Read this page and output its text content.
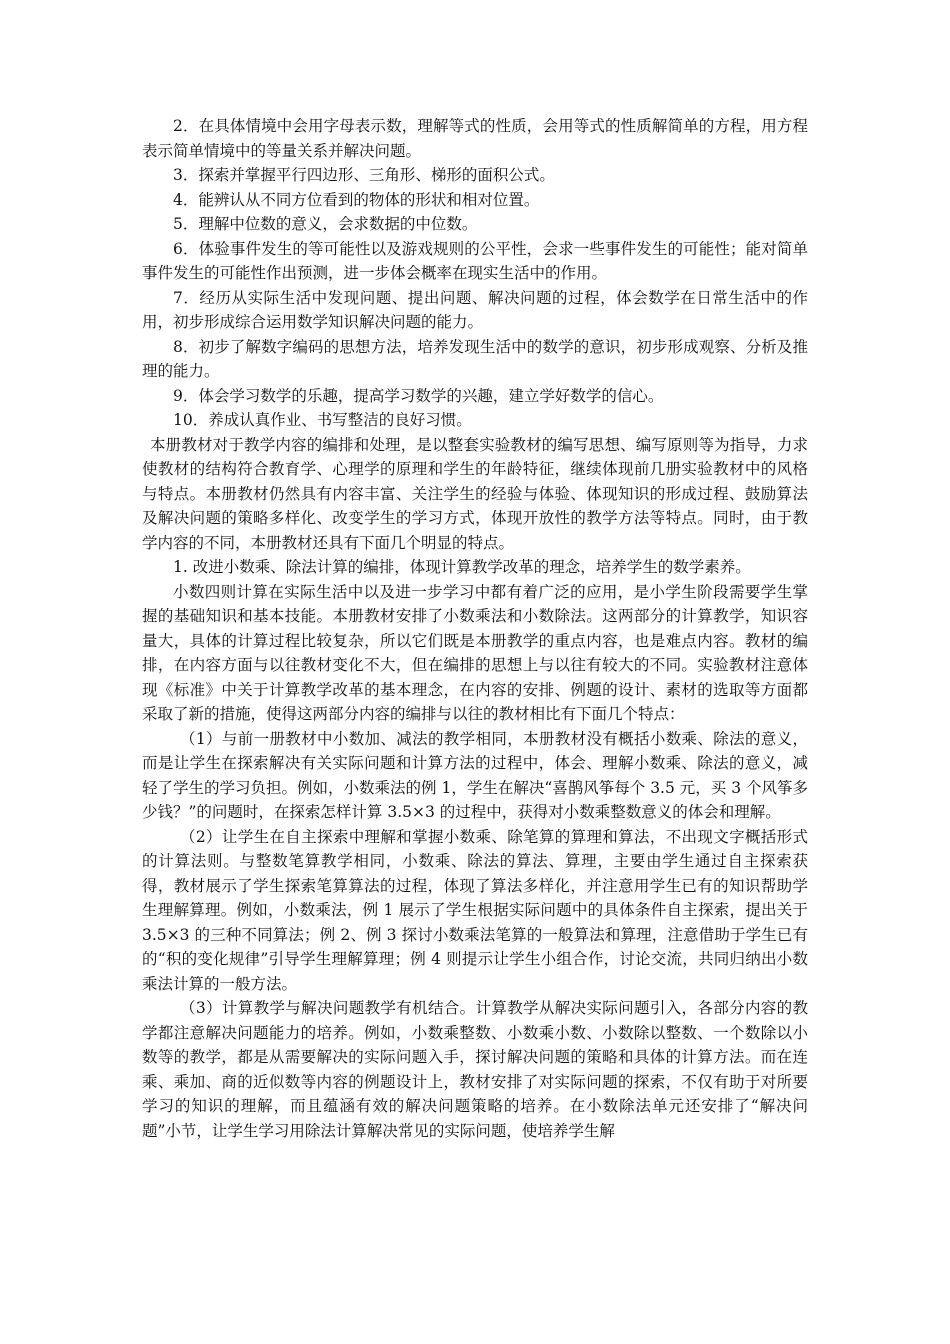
2．在具体情境中会用字母表示数，理解等式的性质，会用等式的性质解简单的方程，用方程表示简单情境中的等量关系并解决问题。

3．探索并掌握平行四边形、三角形、梯形的面积公式。

4．能辨认从不同方位看到的物体的形状和相对位置。

5．理解中位数的意义，会求数据的中位数。

6．体验事件发生的等可能性以及游戏规则的公平性，会求一些事件发生的可能性；能对简单事件发生的可能性作出预测，进一步体会概率在现实生活中的作用。

7．经历从实际生活中发现问题、提出问题、解决问题的过程，体会数学在日常生活中的作用，初步形成综合运用数学知识解决问题的能力。

8．初步了解数字编码的思想方法，培养发现生活中的数学的意识，初步形成观察、分析及推理的能力。

9．体会学习数学的乐趣，提高学习数学的兴趣，建立学好数学的信心。

10．养成认真作业、书写整洁的良好习惯。

本册教材对于教学内容的编排和处理，是以整套实验教材的编写思想、编写原则等为指导，力求使教材的结构符合教育学、心理学的原理和学生的年龄特征，继续体现前几册实验教材中的风格与特点。本册教材仍然具有内容丰富、关注学生的经验与体验、体现知识的形成过程、鼓励算法及解决问题的策略多样化、改变学生的学习方式，体现开放性的教学方法等特点。同时，由于教学内容的不同，本册教材还具有下面几个明显的特点。

1. 改进小数乘、除法计算的编排，体现计算教学改革的理念，培养学生的数学素养。

小数四则计算在实际生活中以及进一步学习中都有着广泛的应用，是小学生阶段需要学生掌握的基础知识和基本技能。本册教材安排了小数乘法和小数除法。这两部分的计算教学，知识容量大，具体的计算过程比较复杂，所以它们既是本册教学的重点内容，也是难点内容。教材的编排，在内容方面与以往教材变化不大，但在编排的思想上与以往有较大的不同。实验教材注意体现《标准》中关于计算教学改革的基本理念，在内容的安排、例题的设计、素材的选取等方面都采取了新的措施，使得这两部分内容的编排与以往的教材相比有下面几个特点：

（1）与前一册教材中小数加、减法的教学相同，本册教材没有概括小数乘、除法的意义，而是让学生在探索解决有关实际问题和计算方法的过程中，体会、理解小数乘、除法的意义，减轻了学生的学习负担。例如，小数乘法的例 1，学生在解决“喜鹊风筝每个 3.5 元，买 3 个风筝多少钱？”的问题时，在探索怎样计算 3.5×3 的过程中，获得对小数乘整数意义的体会和理解。

（2）让学生在自主探索中理解和掌握小数乘、除笔算的算理和算法，不出现文字概括形式的计算法则。与整数笔算教学相同，小数乘、除法的算法、算理，主要由学生通过自主探索获得，教材展示了学生探索笔算算法的过程，体现了算法多样化，并注意用学生已有的知识帮助学生理解算理。例如，小数乘法，例 1 展示了学生根据实际问题中的具体条件自主探索，提出关于 3.5×3 的三种不同算法；例 2、例 3 探讨小数乘法笔算的一般算法和算理，注意借助于学生已有的“积的变化规律”引导学生理解算理；例 4 则提示让学生小组合作，讨论交流，共同归纳出小数乘法计算的一般方法。

（3）计算教学与解决问题教学有机结合。计算教学从解决实际问题引入，各部分内容的教学都注意解决问题能力的培养。例如，小数乘整数、小数乘小数、小数除以整数、一个数除以小数等的教学，都是从需要解决的实际问题入手，探讨解决问题的策略和具体的计算方法。而在连乘、乘加、商的近似数等内容的例题设计上，教材安排了对实际问题的探索，不仅有助于对所要学习的知识的理解，而且蕴涵有效的解决问题策略的培养。在小数除法单元还安排了“解决问题”小节，让学生学习用除法计算解决常见的实际问题，使培养学生解
